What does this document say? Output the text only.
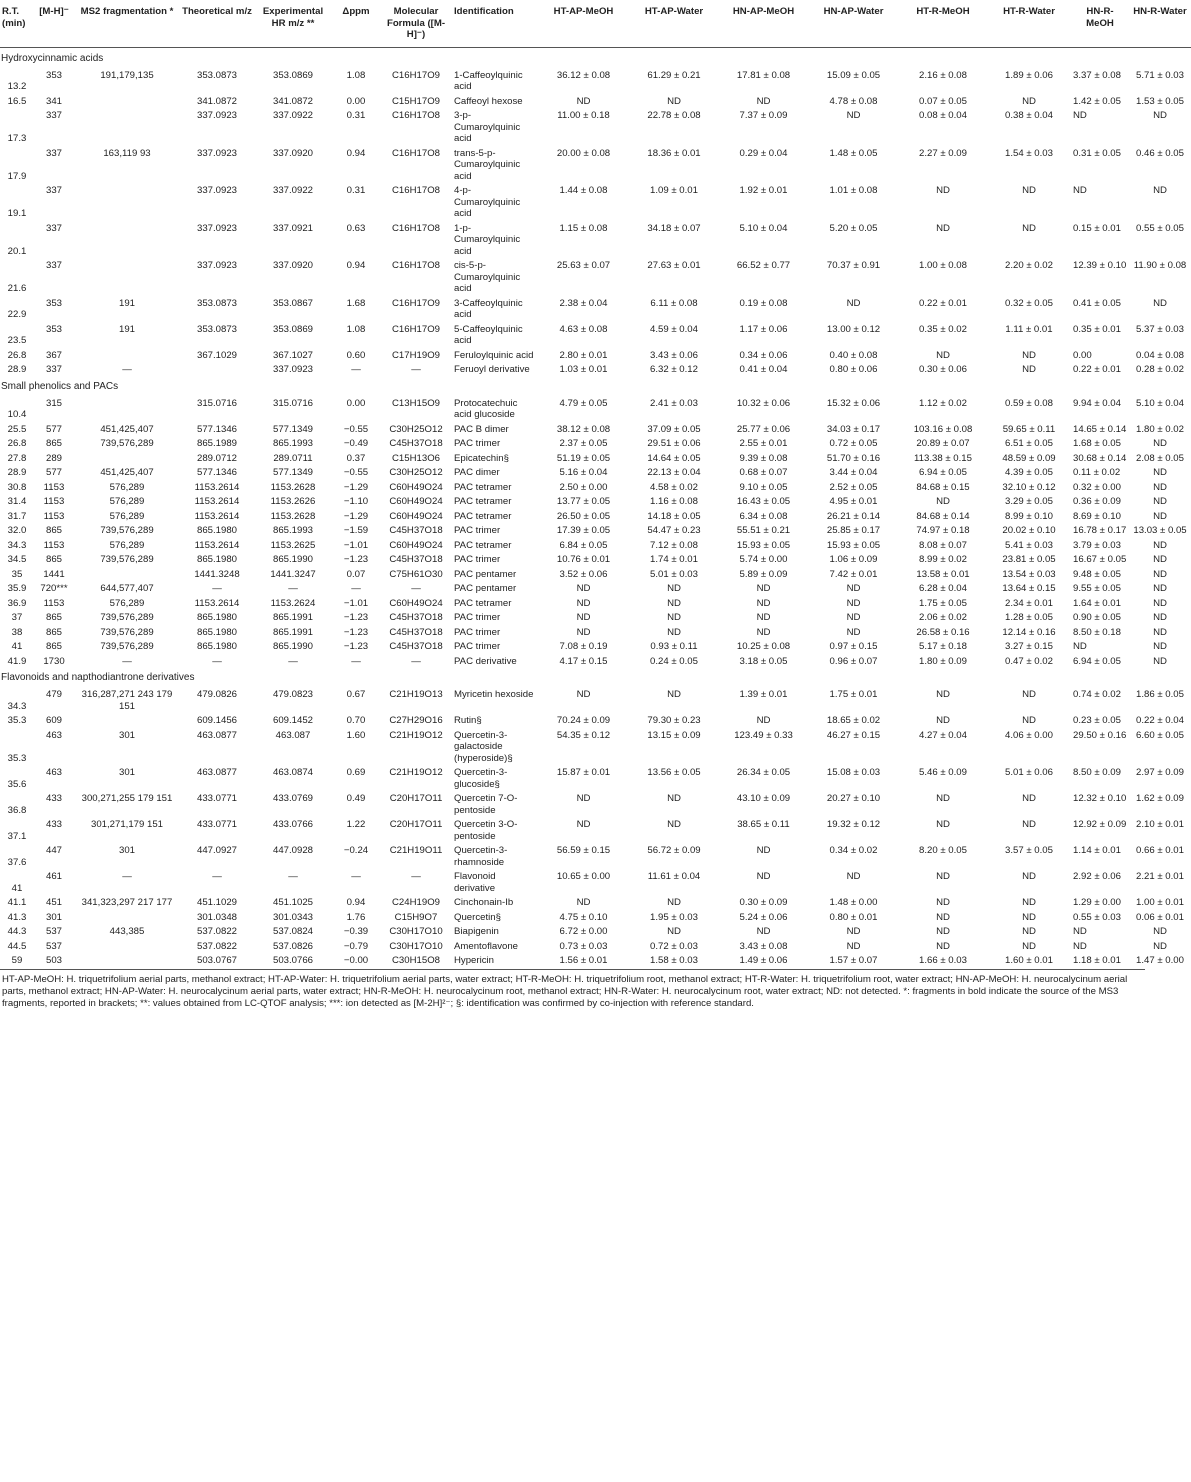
R.T. (min)	[M-H]⁻	MS2 fragmentation *	Theoretical m/z	Experimental HR m/z **	Δppm	Molecular Formula ([M-H]⁻)	Identification	HT-AP-MeOH	HT-AP-Water	HN-AP-MeOH	HN-AP-Water	HT-R-MeOH	HT-R-Water	HN-R-MeOH	HN-R-Water
Hydroxycinnamic acids															
13.2	353	191,179,135	353.0873	353.0869	1.08	C16H17O9	1-Caffeoylquinic acid	36.12 ± 0.08	61.29 ± 0.21	17.81 ± 0.08	15.09 ± 0.05	2.16 ± 0.08	1.89 ± 0.06	3.37 ± 0.08	5.71 ± 0.03
16.5	341		341.0872	341.0872	0.00	C15H17O9	Caffeoyl hexose	ND	ND	ND	4.78 ± 0.08	0.07 ± 0.05	ND	1.42 ± 0.05	1.53 ± 0.05
17.3	337		337.0923	337.0922	0.31	C16H17O8	3-p-Cumaroylquinic acid	11.00 ± 0.18	22.78 ± 0.08	7.37 ± 0.09	ND	0.08 ± 0.04	0.38 ± 0.04	ND	ND
17.9	337	163,119 93	337.0923	337.0920	0.94	C16H17O8	trans-5-p-Cumaroylquinic acid	20.00 ± 0.08	18.36 ± 0.01	0.29 ± 0.04	1.48 ± 0.05	2.27 ± 0.09	1.54 ± 0.03	0.31 ± 0.05	0.46 ± 0.05
19.1	337		337.0923	337.0922	0.31	C16H17O8	4-p-Cumaroylquinic acid	1.44 ± 0.08	1.09 ± 0.01	1.92 ± 0.01	1.01 ± 0.08	ND	ND	ND	ND
20.1	337		337.0923	337.0921	0.63	C16H17O8	1-p-Cumaroylquinic acid	1.15 ± 0.08	34.18 ± 0.07	5.10 ± 0.04	5.20 ± 0.05	ND	ND	0.15 ± 0.01	0.55 ± 0.05
21.6	337		337.0923	337.0920	0.94	C16H17O8	cis-5-p-Cumaroylquinic acid	25.63 ± 0.07	27.63 ± 0.01	66.52 ± 0.77	70.37 ± 0.91	1.00 ± 0.08	2.20 ± 0.02	12.39 ± 0.10	11.90 ± 0.08
22.9	353	191	353.0873	353.0867	1.68	C16H17O9	3-Caffeoylquinic acid	2.38 ± 0.04	6.11 ± 0.08	0.19 ± 0.08	ND	0.22 ± 0.01	0.32 ± 0.05	0.41 ± 0.05	ND
23.5	353	191	353.0873	353.0869	1.08	C16H17O9	5-Caffeoylquinic acid	4.63 ± 0.08	4.59 ± 0.04	1.17 ± 0.06	13.00 ± 0.12	0.35 ± 0.02	1.11 ± 0.01	0.35 ± 0.01	5.37 ± 0.03
26.8	367		367.1029	367.1027	0.60	C17H19O9	Feruloylquinic acid	2.80 ± 0.01	3.43 ± 0.06	0.34 ± 0.06	0.40 ± 0.08	ND	ND	0.00	0.04 ± 0.08
28.9	337	—		337.0923	—	—	Feruoyl derivative	1.03 ± 0.01	6.32 ± 0.12	0.41 ± 0.04	0.80 ± 0.06	0.30 ± 0.06	ND	0.22 ± 0.01	0.28 ± 0.02
Small phenolics and PACs															
10.4	315		315.0716	315.0716	0.00	C13H15O9	Protocatechuic acid glucoside	4.79 ± 0.05	2.41 ± 0.03	10.32 ± 0.06	15.32 ± 0.06	1.12 ± 0.02	0.59 ± 0.08	9.94 ± 0.04	5.10 ± 0.04
25.5	577	451,425,407	577.1346	577.1349	−0.55	C30H25O12	PAC B dimer	38.12 ± 0.08	37.09 ± 0.05	25.77 ± 0.06	34.03 ± 0.17	103.16 ± 0.08	59.65 ± 0.11	14.65 ± 0.14	1.80 ± 0.02
26.8	865	739,576,289	865.1989	865.1993	−0.49	C45H37O18	PAC trimer	2.37 ± 0.05	29.51 ± 0.06	2.55 ± 0.01	0.72 ± 0.05	20.89 ± 0.07	6.51 ± 0.05	1.68 ± 0.05	ND
27.8	289		289.0712	289.0711	0.37	C15H13O6	Epicatechin§	51.19 ± 0.05	14.64 ± 0.05	9.39 ± 0.08	51.70 ± 0.16	113.38 ± 0.15	48.59 ± 0.09	30.68 ± 0.14	2.08 ± 0.05
28.9	577	451,425,407	577.1346	577.1349	−0.55	C30H25O12	PAC dimer	5.16 ± 0.04	22.13 ± 0.04	0.68 ± 0.07	3.44 ± 0.04	6.94 ± 0.05	4.39 ± 0.05	0.11 ± 0.02	ND
30.8	1153	576,289	1153.2614	1153.2628	−1.29	C60H49O24	PAC tetramer	2.50 ± 0.00	4.58 ± 0.02	9.10 ± 0.05	2.52 ± 0.05	84.68 ± 0.15	32.10 ± 0.12	0.32 ± 0.00	ND
31.4	1153	576,289	1153.2614	1153.2626	−1.10	C60H49O24	PAC tetramer	13.77 ± 0.05	1.16 ± 0.08	16.43 ± 0.05	4.95 ± 0.01	ND	3.29 ± 0.05	0.36 ± 0.09	ND
31.7	1153	576,289	1153.2614	1153.2628	−1.29	C60H49O24	PAC tetramer	26.50 ± 0.05	14.18 ± 0.05	6.34 ± 0.08	26.21 ± 0.14	84.68 ± 0.14	8.99 ± 0.10	8.69 ± 0.10	ND
32.0	865	739,576,289	865.1980	865.1993	−1.59	C45H37O18	PAC trimer	17.39 ± 0.05	54.47 ± 0.23	55.51 ± 0.21	25.85 ± 0.17	74.97 ± 0.18	20.02 ± 0.10	16.78 ± 0.17	13.03 ± 0.05
34.3	1153	576,289	1153.2614	1153.2625	−1.01	C60H49O24	PAC tetramer	6.84 ± 0.05	7.12 ± 0.08	15.93 ± 0.05	15.93 ± 0.05	8.08 ± 0.07	5.41 ± 0.03	3.79 ± 0.03	ND
34.5	865	739,576,289	865.1980	865.1990	−1.23	C45H37O18	PAC trimer	10.76 ± 0.01	1.74 ± 0.01	5.74 ± 0.00	1.06 ± 0.09	8.99 ± 0.02	23.81 ± 0.05	16.67 ± 0.05	ND
35	1441		1441.3248	1441.3247	0.07	C75H61O30	PAC pentamer	3.52 ± 0.06	5.01 ± 0.03	5.89 ± 0.09	7.42 ± 0.01	13.58 ± 0.01	13.54 ± 0.03	9.48 ± 0.05	ND
35.9	720***	644,577,407	—	—	—	—	PAC pentamer	ND	ND	ND	ND	6.28 ± 0.04	13.64 ± 0.15	9.55 ± 0.05	ND
36.9	1153	576,289	1153.2614	1153.2624	−1.01	C60H49O24	PAC tetramer	ND	ND	ND	ND	1.75 ± 0.05	2.34 ± 0.01	1.64 ± 0.01	ND
37	865	739,576,289	865.1980	865.1991	−1.23	C45H37O18	PAC trimer	ND	ND	ND	ND	2.06 ± 0.02	1.28 ± 0.05	0.90 ± 0.05	ND
38	865	739,576,289	865.1980	865.1991	−1.23	C45H37O18	PAC trimer	ND	ND	ND	ND	26.58 ± 0.16	12.14 ± 0.16	8.50 ± 0.18	ND
41	865	739,576,289	865.1980	865.1990	−1.23	C45H37O18	PAC trimer	7.08 ± 0.19	0.93 ± 0.11	10.25 ± 0.08	0.97 ± 0.15	5.17 ± 0.18	3.27 ± 0.15	ND	ND
41.9	1730	—	—	—	—	—	PAC derivative	4.17 ± 0.15	0.24 ± 0.05	3.18 ± 0.05	0.96 ± 0.07	1.80 ± 0.09	0.47 ± 0.02	6.94 ± 0.05	ND
Flavonoids and napthodiantrone derivatives															
34.3	479	316,287,271 243 179 151	479.0826	479.0823	0.67	C21H19O13	Myricetin hexoside	ND	ND	1.39 ± 0.01	1.75 ± 0.01	ND	ND	0.74 ± 0.02	1.86 ± 0.05
35.3	609		609.1456	609.1452	0.70	C27H29O16	Rutin§	70.24 ± 0.09	79.30 ± 0.23	ND	18.65 ± 0.02	ND	ND	0.23 ± 0.05	0.22 ± 0.04
35.3	463	301	463.0877	463.087	1.60	C21H19O12	Quercetin-3-galactoside (hyperoside)§	54.35 ± 0.12	13.15 ± 0.09	123.49 ± 0.33	46.27 ± 0.15	4.27 ± 0.04	4.06 ± 0.00	29.50 ± 0.16	6.60 ± 0.05
35.6	463	301	463.0877	463.0874	0.69	C21H19O12	Quercetin-3-glucoside§	15.87 ± 0.01	13.56 ± 0.05	26.34 ± 0.05	15.08 ± 0.03	5.46 ± 0.09	5.01 ± 0.06	8.50 ± 0.09	2.97 ± 0.09
36.8	433	300,271,255 179 151	433.0771	433.0769	0.49	C20H17O11	Quercetin 7-O-pentoside	ND	ND	43.10 ± 0.09	20.27 ± 0.10	ND	ND	12.32 ± 0.10	1.62 ± 0.09
37.1	433	301,271,179 151	433.0771	433.0766	1.22	C20H17O11	Quercetin 3-O-pentoside	ND	ND	38.65 ± 0.11	19.32 ± 0.12	ND	ND	12.92 ± 0.09	2.10 ± 0.01
37.6	447	301	447.0927	447.0928	−0.24	C21H19O11	Quercetin-3-rhamnoside	56.59 ± 0.15	56.72 ± 0.09	ND	0.34 ± 0.02	8.20 ± 0.05	3.57 ± 0.05	1.14 ± 0.01	0.66 ± 0.01
41	461	—	—	—	—	—	Flavonoid derivative	10.65 ± 0.00	11.61 ± 0.04	ND	ND	ND	ND	2.92 ± 0.06	2.21 ± 0.01
41.1	451	341,323,297 217 177	451.1029	451.1025	0.94	C24H19O9	Cinchonain-Ib	ND	ND	0.30 ± 0.09	1.48 ± 0.00	ND	ND	1.29 ± 0.00	1.00 ± 0.01
41.3	301		301.0348	301.0343	1.76	C15H9O7	Quercetin§	4.75 ± 0.10	1.95 ± 0.03	5.24 ± 0.06	0.80 ± 0.01	ND	ND	0.55 ± 0.03	0.06 ± 0.01
44.3	537	443,385	537.0822	537.0824	−0.39	C30H17O10	Biapigenin	6.72 ± 0.00	ND	ND	ND	ND	ND	ND	ND
44.5	537		537.0822	537.0826	−0.79	C30H17O10	Amentoflavone	0.73 ± 0.03	0.72 ± 0.03	3.43 ± 0.08	ND	ND	ND	ND	ND
59	503		503.0767	503.0766	−0.00	C30H15O8	Hypericin	1.56 ± 0.01	1.58 ± 0.03	1.49 ± 0.06	1.57 ± 0.07	1.66 ± 0.03	1.60 ± 0.01	1.18 ± 0.01	1.47 ± 0.00
HT-AP-MeOH: H. triquetrifolium aerial parts, methanol extract; HT-AP-Water: H. triquetrifolium aerial parts, water extract; HT-R-MeOH: H. triquetrifolium root, methanol extract; HT-R-Water: H. triquetrifolium root, water extract; HN-AP-MeOH: H. neurocalycinum aerial parts, methanol extract; HN-AP-Water: H. neurocalycinum aerial parts, water extract; HN-R-MeOH: H. neurocalycinum root, methanol extract; HN-R-Water: H. neurocalycinum root, water extract; ND: not detected. *: fragments in bold indicate the source of the MS3 fragments, reported in brackets; **: values obtained from LC-QTOF analysis; ***: ion detected as [M-2H]²⁻; §: identification was confirmed by co-injection with reference standard.
